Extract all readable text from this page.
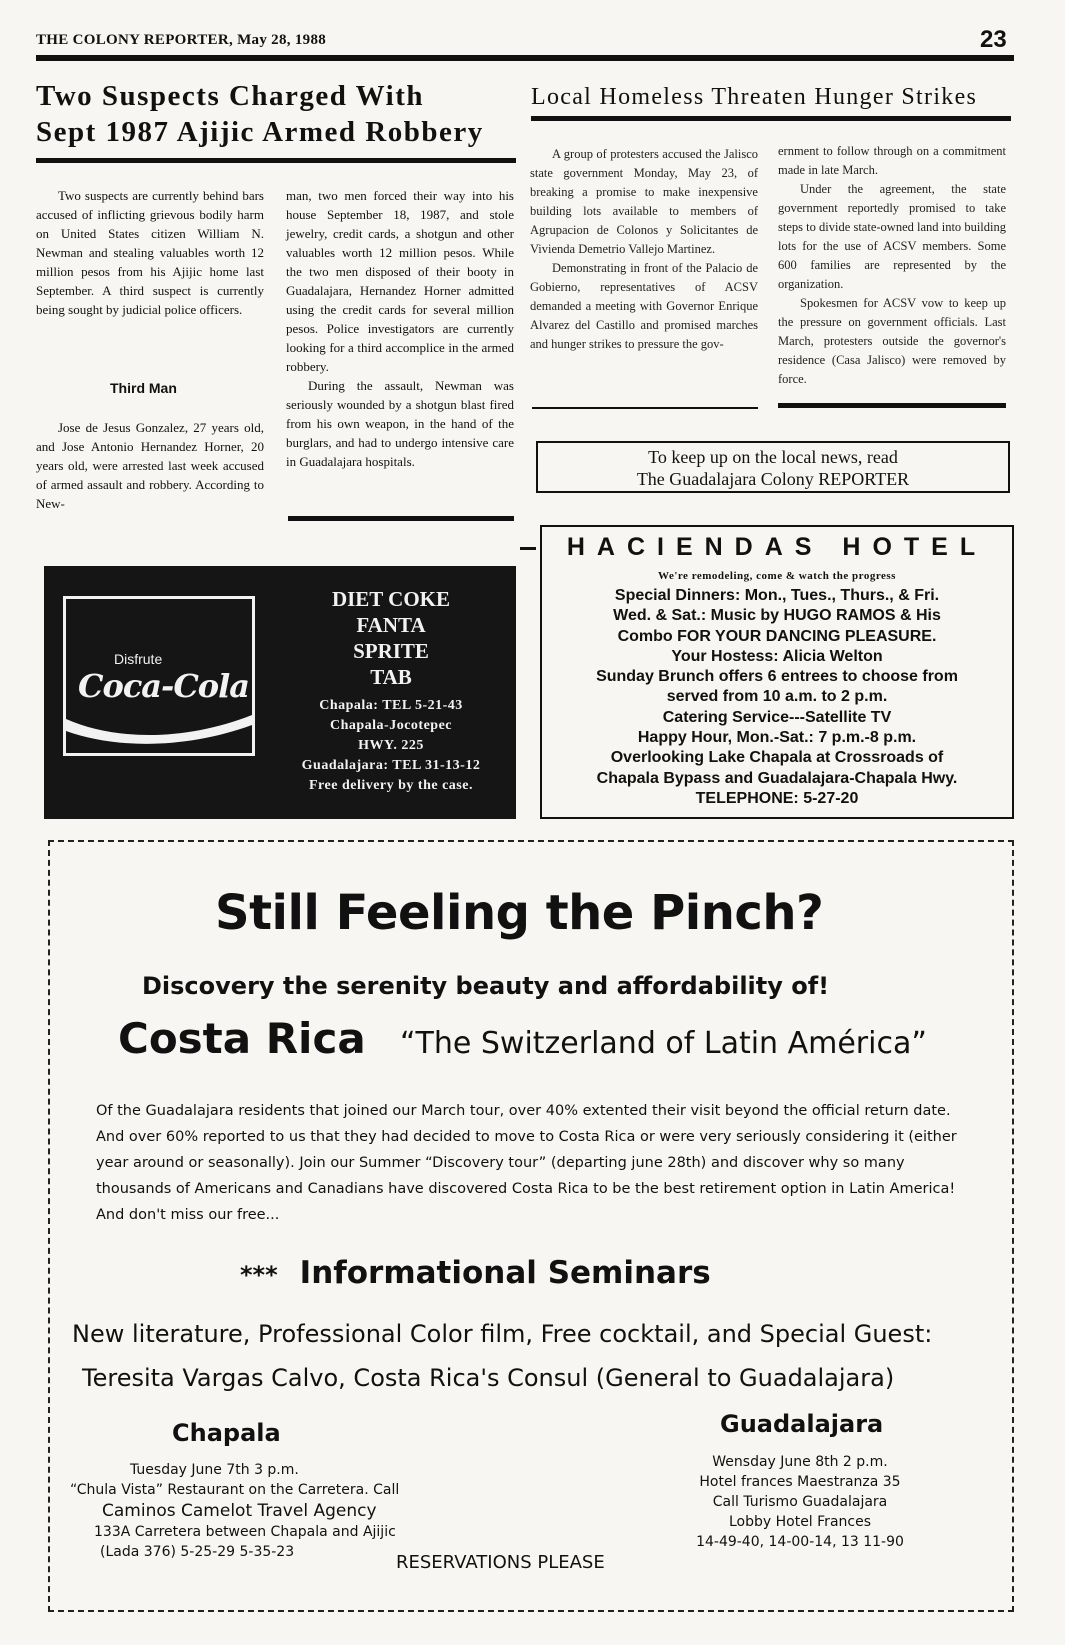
THE COLONY REPORTER, May 28, 1988	23
Two Suspects Charged With
Sept 1987 Ajijic Armed Robbery

Two suspects are currently behind bars accused of inflicting grievous bodily harm on United States citizen William N. Newman and stealing valuables worth 12 million pesos from his Ajijic home last September. A third suspect is currently being sought by judicial police officers.

Third Man

Jose de Jesus Gonzalez, 27 years old, and Jose Antonio Hernandez Horner, 20 years old, were arrested last week accused of armed assault and robbery. According to New-

man, two men forced their way into his house September 18, 1987, and stole jewelry, credit cards, a shotgun and other valuables worth 12 million pesos. While the two men disposed of their booty in Guadalajara, Hernandez Horner admitted using the credit cards for several million pesos. Police investigators are currently looking for a third accomplice in the armed robbery.

During the assault, Newman was seriously wounded by a shotgun blast fired from his own weapon, in the hand of the burglars, and had to undergo intensive care in Guadalajara hospitals.

Local Homeless Threaten Hunger Strikes

A group of protesters accused the Jalisco state government Monday, May 23, of breaking a promise to make inexpensive building lots available to members of Agrupacion de Colonos y Solicitantes de Vivienda Demetrio Vallejo Martinez.

Demonstrating in front of the Palacio de Gobierno, representatives of ACSV demanded a meeting with Governor Enrique Alvarez del Castillo and promised marches and hunger strikes to pressure the gov-

ernment to follow through on a commitment made in late March.

Under the agreement, the state government reportedly promised to take steps to divide state-owned land into building lots for the use of ACSV members. Some 600 families are represented by the organization.

Spokesmen for ACSV vow to keep up the pressure on government officials. Last March, protesters outside the governor's residence (Casa Jalisco) were removed by force.

To keep up on the local news, read
The Guadalajara Colony REPORTER
Disfrute
Coca-Cola
DIET COKE
FANTA
SPRITE
TAB
Chapala: TEL 5-21-43
Chapala-Jocotepec
HWY. 225
Guadalajara: TEL 31-13-12
Free delivery by the case.
HACIENDAS HOTEL
We're remodeling, come & watch the progress
Special Dinners: Mon., Tues., Thurs., & Fri.
Wed. & Sat.: Music by HUGO RAMOS & His
Combo FOR YOUR DANCING PLEASURE.
Your Hostess: Alicia Welton
Sunday Brunch offers 6 entrees to choose from
served from 10 a.m. to 2 p.m.
Catering Service---Satellite TV
Happy Hour, Mon.-Sat.: 7 p.m.-8 p.m.
Overlooking Lake Chapala at Crossroads of
Chapala Bypass and Guadalajara-Chapala Hwy.
TELEPHONE: 5-27-20
Still Feeling the Pinch?
Discovery the serenity beauty and affordability of!
Costa Rica “The Switzerland of Latin América”
Of the Guadalajara residents that joined our March tour, over 40% extented their visit beyond the official return date. And over 60% reported to us that they had decided to move to Costa Rica or were very seriously considering it (either year around or seasonally). Join our Summer “Discovery tour” (departing june 28th) and discover why so many thousands of Americans and Canadians have discovered Costa Rica to be the best retirement option in Latin America! And don't miss our free...
*** Informational Seminars
New literature, Professional Color film, Free cocktail, and Special Guest:
Teresita Vargas Calvo, Costa Rica's Consul (General to Guadalajara)
Chapala
Tuesday June 7th 3 p.m.
“Chula Vista” Restaurant on the Carretera. Call
Caminos Camelot Travel Agency
133A Carretera between Chapala and Ajijic
(Lada 376) 5-25-29 5-35-23
Guadalajara
Wensday June 8th 2 p.m.
Hotel frances Maestranza 35
Call Turismo Guadalajara
Lobby Hotel Frances
14-49-40, 14-00-14, 13 11-90
RESERVATIONS PLEASE
